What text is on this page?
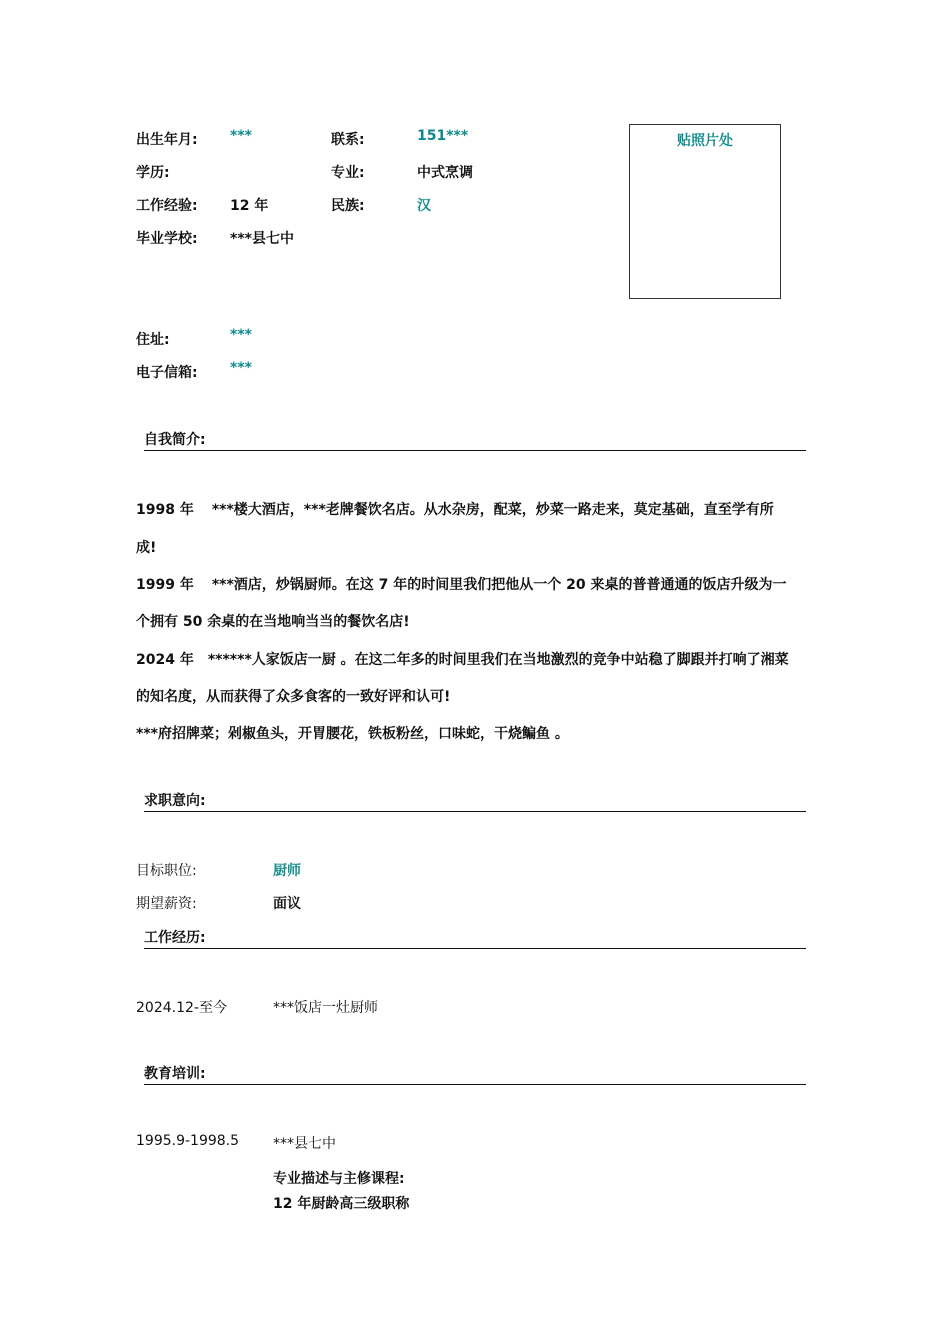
出生年月: ***	联系:	151***
学历:	专业:	中式烹调
工作经验: 12 年	民族:	汉
毕业学校: ***县七中
贴照片处
住址:	***
电子信箱: ***
自我简介:
1998 年 ***楼大酒店，***老牌餐饮名店。从水杂房，配菜，炒菜一路走来，莫定基础，直至学有所
成!
1999 年 ***酒店，炒锅厨师。在这 7 年的时间里我们把他从一个 20 来桌的普普通通的饭店升级为一
个拥有 50 余桌的在当地响当当的餐饮名店!
2024 年 ******人家饭店一厨 。在这二年多的时间里我们在当地激烈的竞争中站稳了脚跟并打响了湘菜
的知名度，从而获得了众多食客的一致好评和认可!
***府招牌菜；剁椒鱼头，开胃腰花，铁板粉丝，口味蛇，干烧鳊鱼 。
求职意向:
目标职位:	厨师
期望薪资:	面议
工作经历:
2024.12-至今	***饭店一灶厨师
教育培训:
1995.9-1998.5 ***县七中
专业描述与主修课程:
12 年厨龄高三级职称
